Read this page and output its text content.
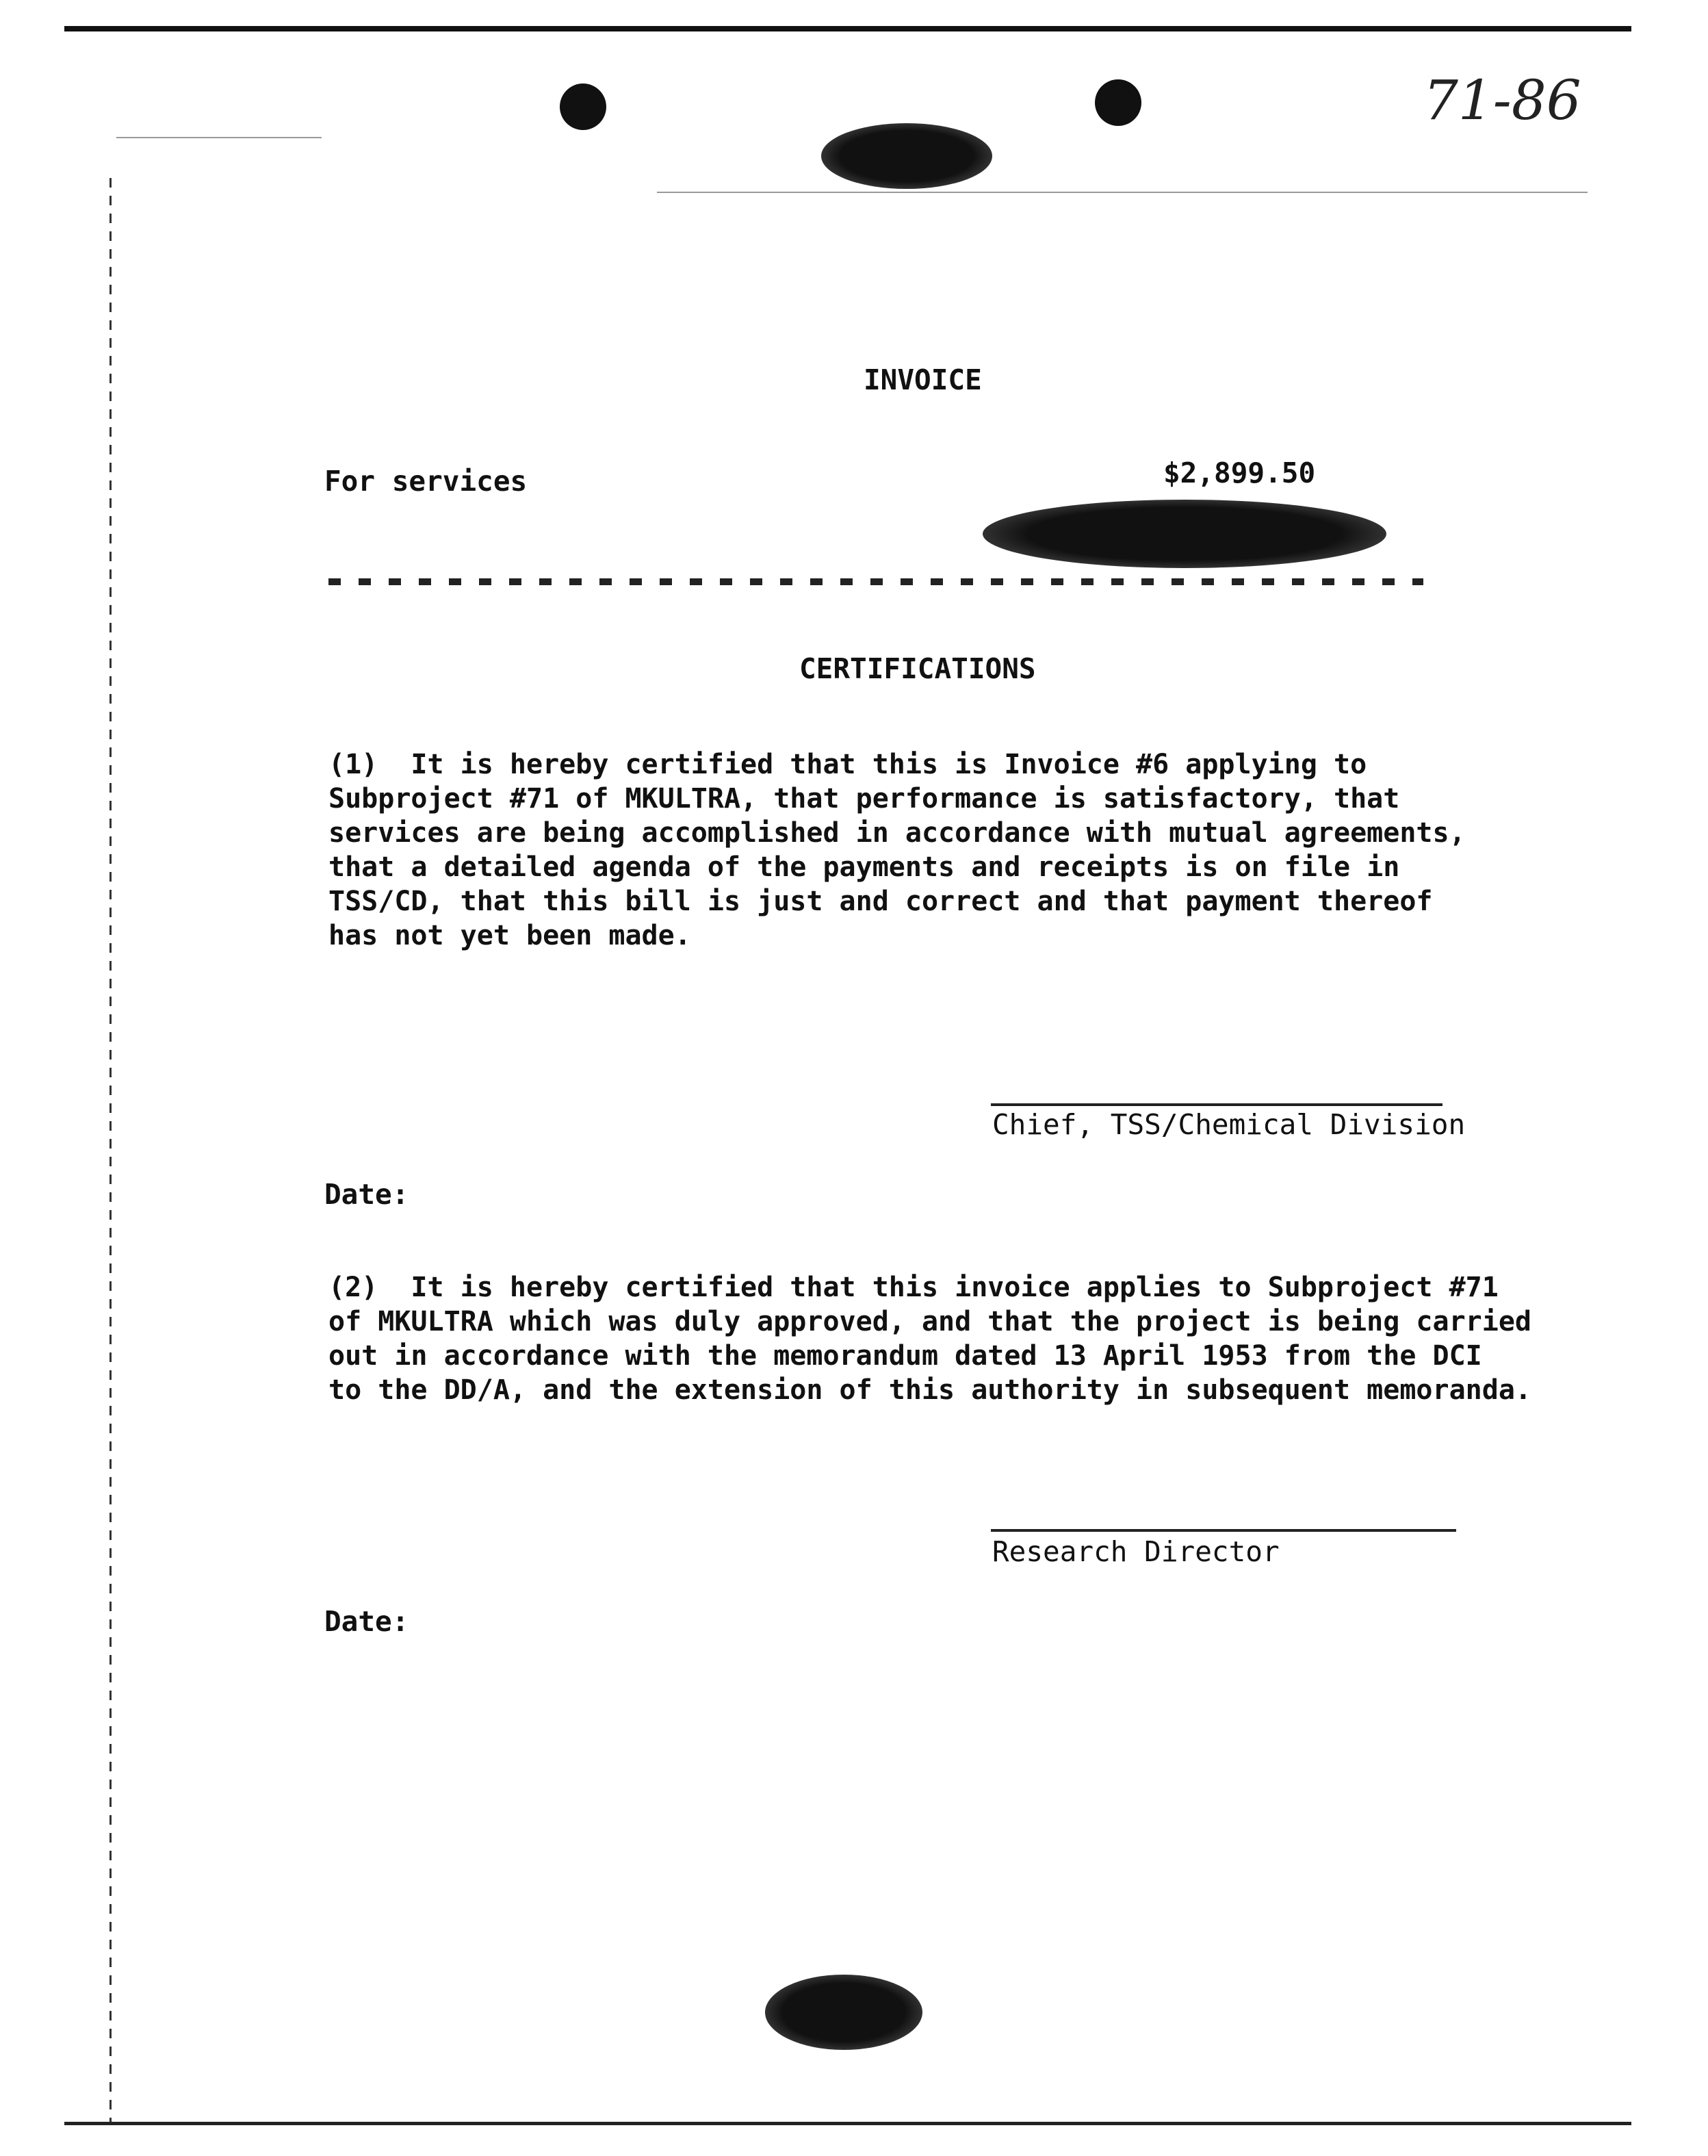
71-86
INVOICE
For services	$2,899.50
CERTIFICATIONS
(1)  It is hereby certified that this is Invoice #6 applying to
Subproject #71 of MKULTRA, that performance is satisfactory, that
services are being accomplished in accordance with mutual agreements,
that a detailed agenda of the payments and receipts is on file in
TSS/CD, that this bill is just and correct and that payment thereof
has not yet been made.
Chief, TSS/Chemical Division
Date:
(2)  It is hereby certified that this invoice applies to Subproject #71
of MKULTRA which was duly approved, and that the project is being carried
out in accordance with the memorandum dated 13 April 1953 from the DCI
to the DD/A, and the extension of this authority in subsequent memoranda.
Research Director
Date:
